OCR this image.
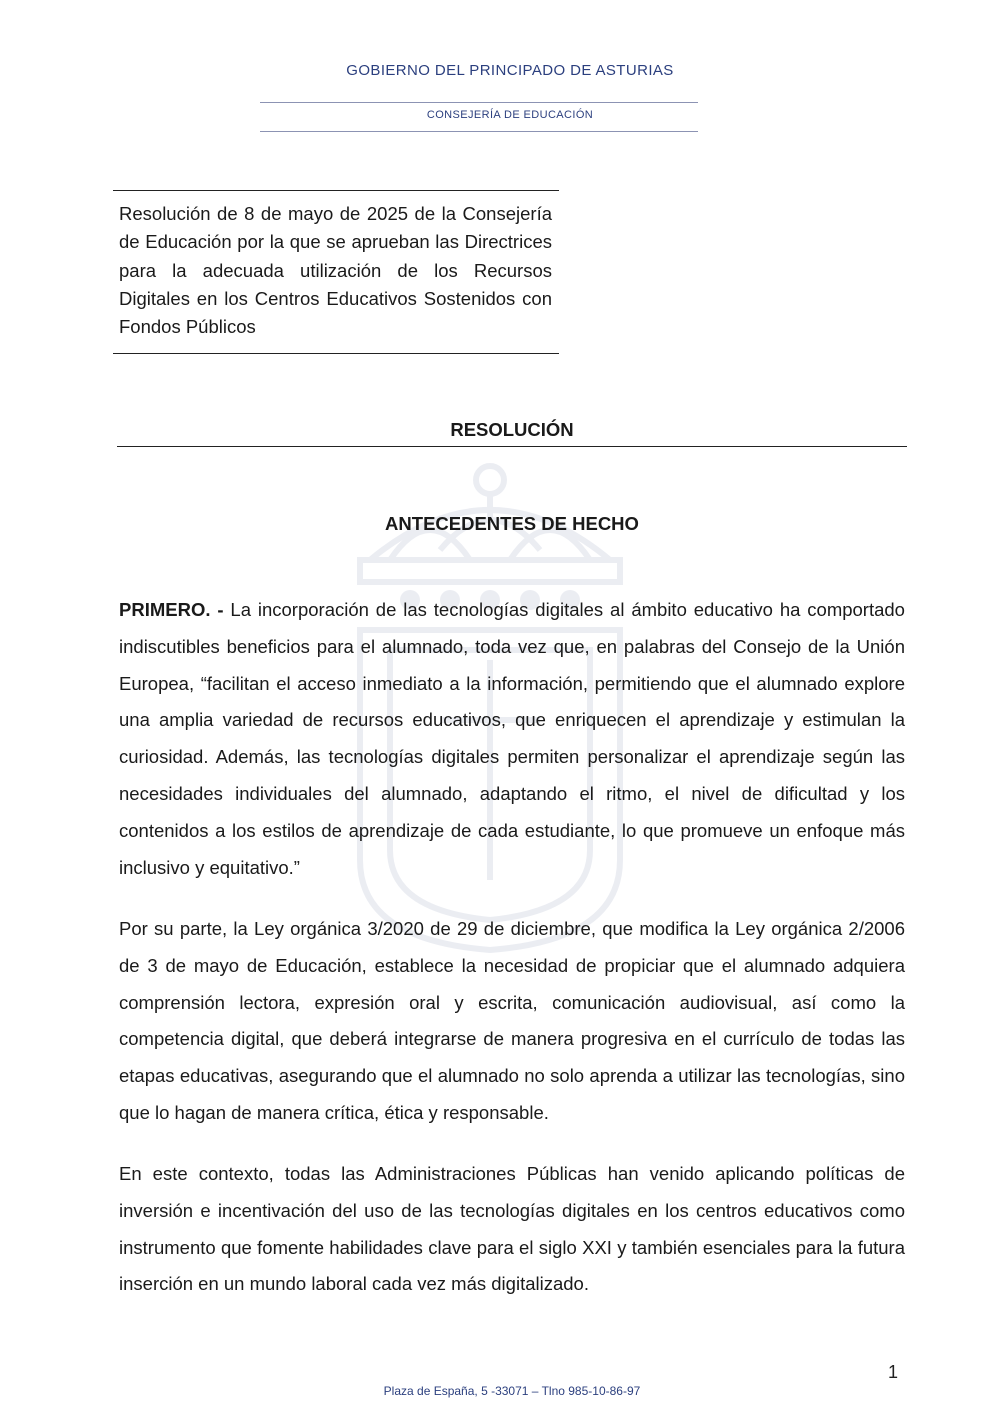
GOBIERNO DEL PRINCIPADO DE ASTURIAS
CONSEJERÍA DE EDUCACIÓN
Resolución de 8 de mayo de 2025 de la Consejería de Educación por la que se aprueban las Directrices para la adecuada utilización de los Recursos Digitales en los Centros Educativos Sostenidos con Fondos Públicos
RESOLUCIÓN
ANTECEDENTES DE HECHO

PRIMERO. - La incorporación de las tecnologías digitales al ámbito educativo ha comportado indiscutibles beneficios para el alumnado, toda vez que, en palabras del Consejo de la Unión Europea, “facilitan el acceso inmediato a la información, permitiendo que el alumnado explore una amplia variedad de recursos educativos, que enriquecen el aprendizaje y estimulan la curiosidad. Además, las tecnologías digitales permiten personalizar el aprendizaje según las necesidades individuales del alumnado, adaptando el ritmo, el nivel de dificultad y los contenidos a los estilos de aprendizaje de cada estudiante, lo que promueve un enfoque más inclusivo y equitativo.”

Por su parte, la Ley orgánica 3/2020 de 29 de diciembre, que modifica la Ley orgánica 2/2006 de 3 de mayo de Educación, establece la necesidad de propiciar que el alumnado adquiera comprensión lectora, expresión oral y escrita, comunicación audiovisual, así como la competencia digital, que deberá integrarse de manera progresiva en el currículo de todas las etapas educativas, asegurando que el alumnado no solo aprenda a utilizar las tecnologías, sino que lo hagan de manera crítica, ética y responsable.

En este contexto, todas las Administraciones Públicas han venido aplicando políticas de inversión e incentivación del uso de las tecnologías digitales en los centros educativos como instrumento que fomente habilidades clave para el siglo XXI y también esenciales para la futura inserción en un mundo laboral cada vez más digitalizado.

1
Plaza de España, 5 -33071 – Tlno 985-10-86-97
